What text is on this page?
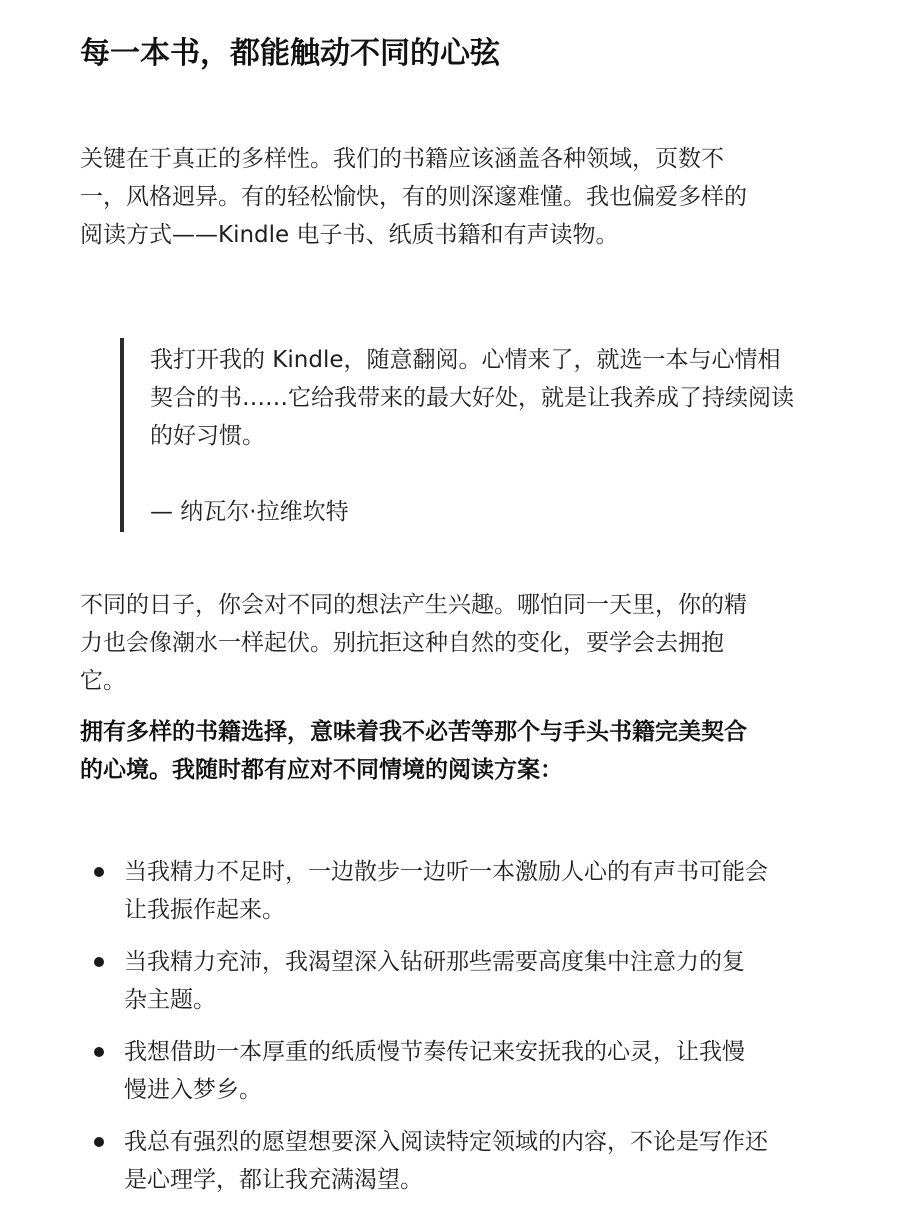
每一本书，都能触动不同的心弦

关键在于真正的多样性。我们的书籍应该涵盖各种领域，页数不
一，风格迥异。有的轻松愉快，有的则深邃难懂。我也偏爱多样的
阅读方式——Kindle 电子书、纸质书籍和有声读物。

我打开我的 Kindle，随意翻阅。心情来了，就选一本与心情相
契合的书……它给我带来的最大好处，就是让我养成了持续阅读
的好习惯。

— 纳瓦尔·拉维坎特

不同的日子，你会对不同的想法产生兴趣。哪怕同一天里，你的精
力也会像潮水一样起伏。别抗拒这种自然的变化，要学会去拥抱
它。

拥有多样的书籍选择，意味着我不必苦等那个与手头书籍完美契合
的心境。我随时都有应对不同情境的阅读方案：

当我精力不足时，一边散步一边听一本激励人心的有声书可能会
让我振作起来。
当我精力充沛，我渴望深入钻研那些需要高度集中注意力的复
杂主题。
我想借助一本厚重的纸质慢节奏传记来安抚我的心灵，让我慢
慢进入梦乡。
我总有强烈的愿望想要深入阅读特定领域的内容，不论是写作还
是心理学，都让我充满渴望。
